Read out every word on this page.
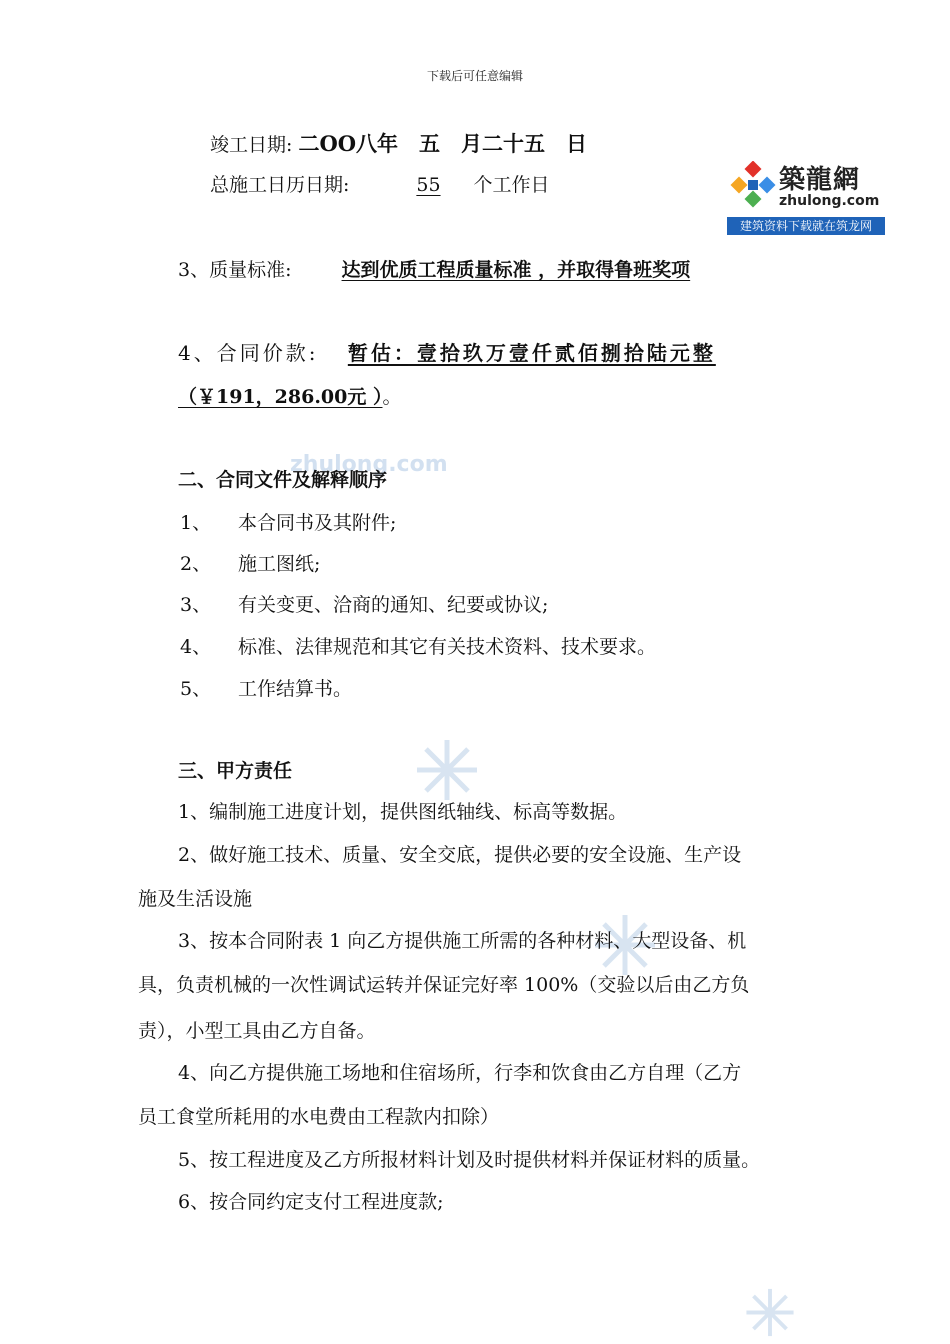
下载后可任意编辑
築龍網
zhulong.com
建筑资料下载就在筑龙网
zhulong.com
竣工日期: 二OO八年　五　月二十五　日
总施工日历日期:	55 个工作日
3、质量标准:	达到优质工程质量标准 ，并取得鲁班奖项
4、合同价款: 暂估：壹拾玖万壹仟贰佰捌拾陆元整
（￥191，286.00元 ）。
二、合同文件及解释顺序
1、 本合同书及其附件;
2、 施工图纸;
3、 有关变更、洽商的通知、纪要或协议;
4、 标准、法律规范和其它有关技术资料、技术要求。
5、 工作结算书。
三、甲方责任
1、编制施工进度计划，提供图纸轴线、标高等数据。
2、做好施工技术、质量、安全交底，提供必要的安全设施、生产设
施及生活设施
3、按本合同附表 1 向乙方提供施工所需的各种材料、大型设备、机
具，负责机械的一次性调试运转并保证完好率 100%（交验以后由乙方负
责），小型工具由乙方自备。
4、向乙方提供施工场地和住宿场所，行李和饮食由乙方自理（乙方
员工食堂所耗用的水电费由工程款内扣除）
5、按工程进度及乙方所报材料计划及时提供材料并保证材料的质量。
6、按合同约定支付工程进度款;
